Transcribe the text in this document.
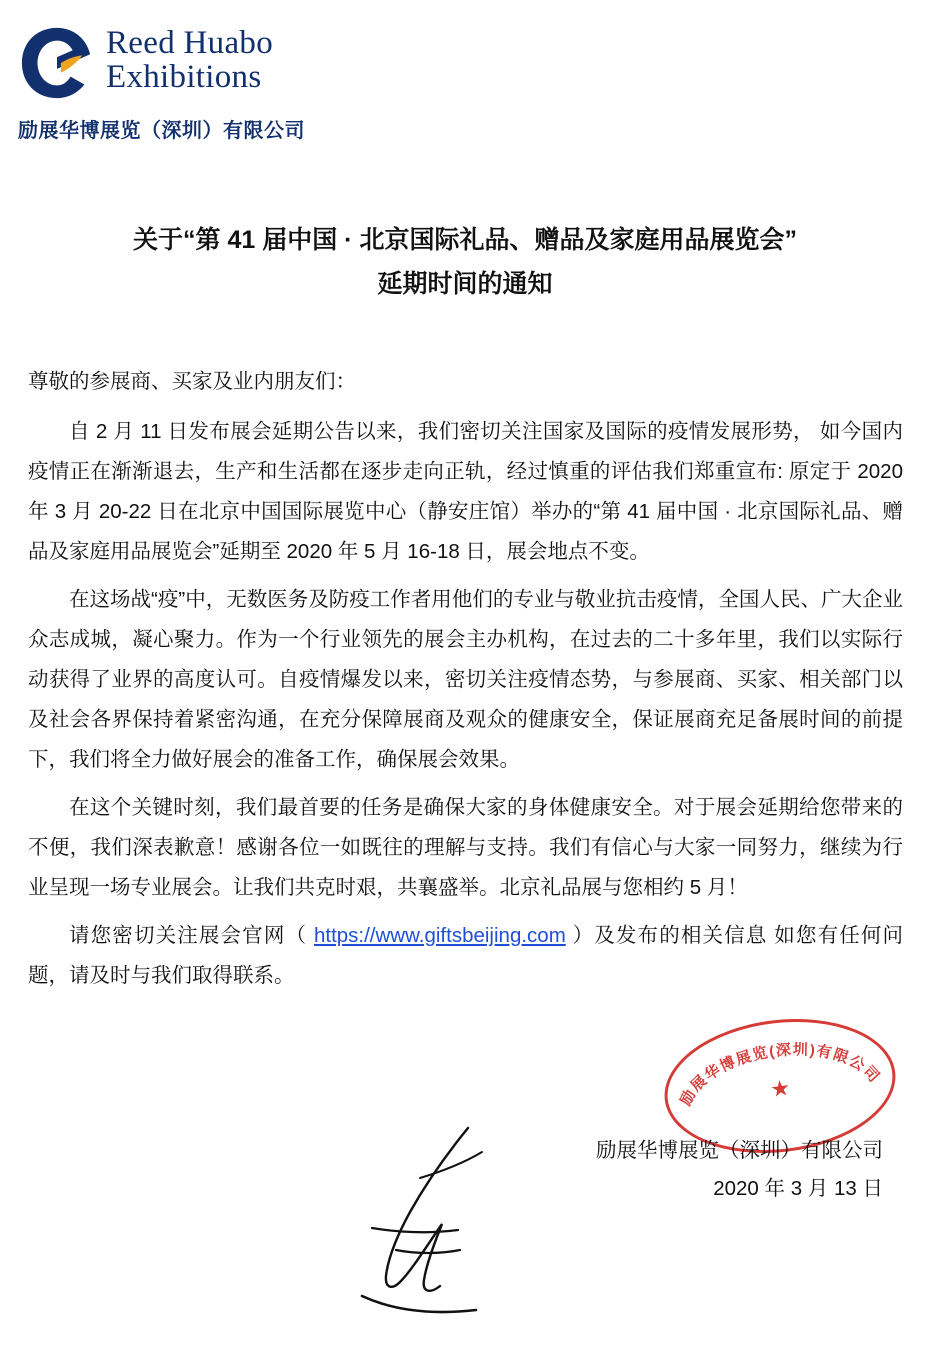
Reed Huabo
Exhibitions
励展华博展览（深圳）有限公司
关于“第 41 届中国 · 北京国际礼品、赠品及家庭用品展览会”
延期时间的通知

尊敬的参展商、买家及业内朋友们：

自 2 月 11 日发布展会延期公告以来，我们密切关注国家及国际的疫情发展形势， 如今国内疫情正在渐渐退去，生产和生活都在逐步走向正轨，经过慎重的评估我们郑重宣布: 原定于 2020 年 3 月 20-22 日在北京中国国际展览中心（静安庄馆）举办的“第 41 届中国 · 北京国际礼品、赠品及家庭用品展览会”延期至 2020 年 5 月 16-18 日，展会地点不变。

在这场战“疫”中，无数医务及防疫工作者用他们的专业与敬业抗击疫情，全国人民、广大企业众志成城，凝心聚力。作为一个行业领先的展会主办机构，在过去的二十多年里，我们以实际行动获得了业界的高度认可。自疫情爆发以来，密切关注疫情态势，与参展商、买家、相关部门以及社会各界保持着紧密沟通，在充分保障展商及观众的健康安全，保证展商充足备展时间的前提下，我们将全力做好展会的准备工作，确保展会效果。

在这个关键时刻，我们最首要的任务是确保大家的身体健康安全。对于展会延期给您带来的不便，我们深表歉意！感谢各位一如既往的理解与支持。我们有信心与大家一同努力，继续为行业呈现一场专业展会。让我们共克时艰，共襄盛举。北京礼品展与您相约 5 月！

请您密切关注展会官网（ https://www.giftsbeijing.com ）及发布的相关信息 如您有任何问题，请及时与我们取得联系。

励展华博展览(深圳)有限公司
★
励展华博展览（深圳）有限公司
2020 年 3 月 13 日
